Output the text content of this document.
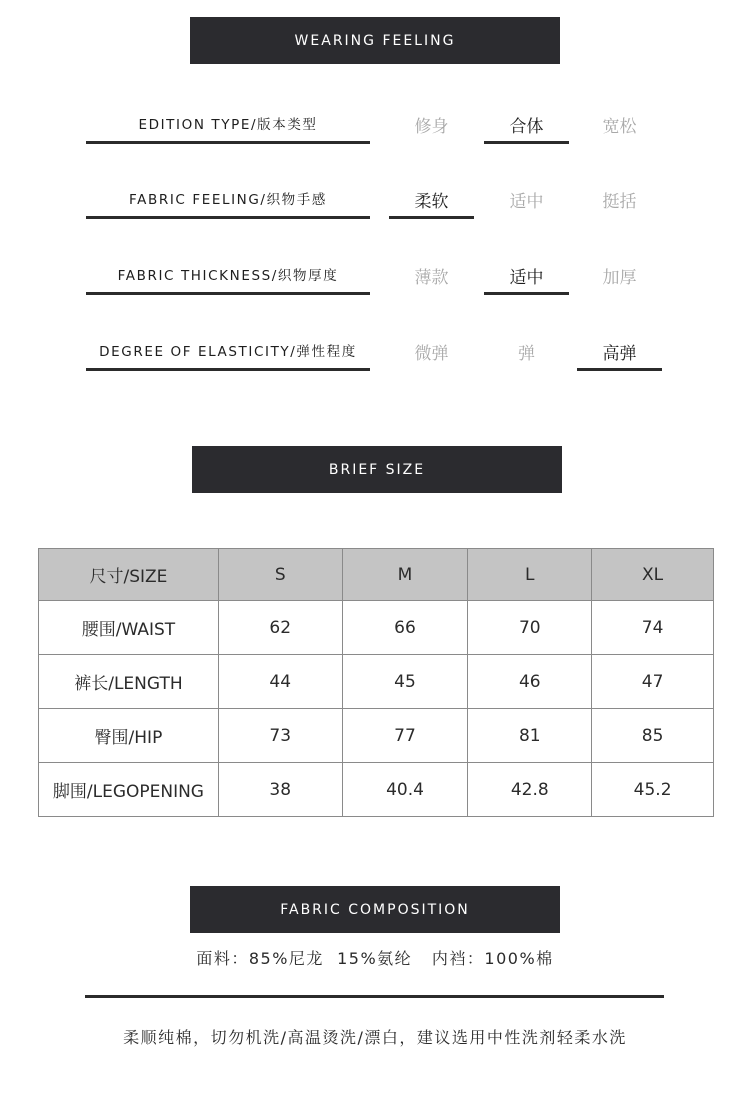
WEARING FEELING
EDITION TYPE/版本类型	修身	合体	宽松
FABRIC FEELING/织物手感	柔软	适中	挺括
FABRIC THICKNESS/织物厚度	薄款	适中	加厚
DEGREE OF ELASTICITY/弹性程度	微弹	弹	高弹
BRIEF SIZE
尺寸/SIZE	S	M	L	XL
腰围/WAIST	62	66	70	74
裤长/LENGTH	44	45	46	47
臀围/HIP	73	77	81	85
脚围/LEGOPENING	38	40.4	42.8	45.2
FABRIC COMPOSITION
面料：85%尼龙  15%氨纶   内裆：100%棉
柔顺纯棉，切勿机洗/高温烫洗/漂白，建议选用中性洗剂轻柔水洗
